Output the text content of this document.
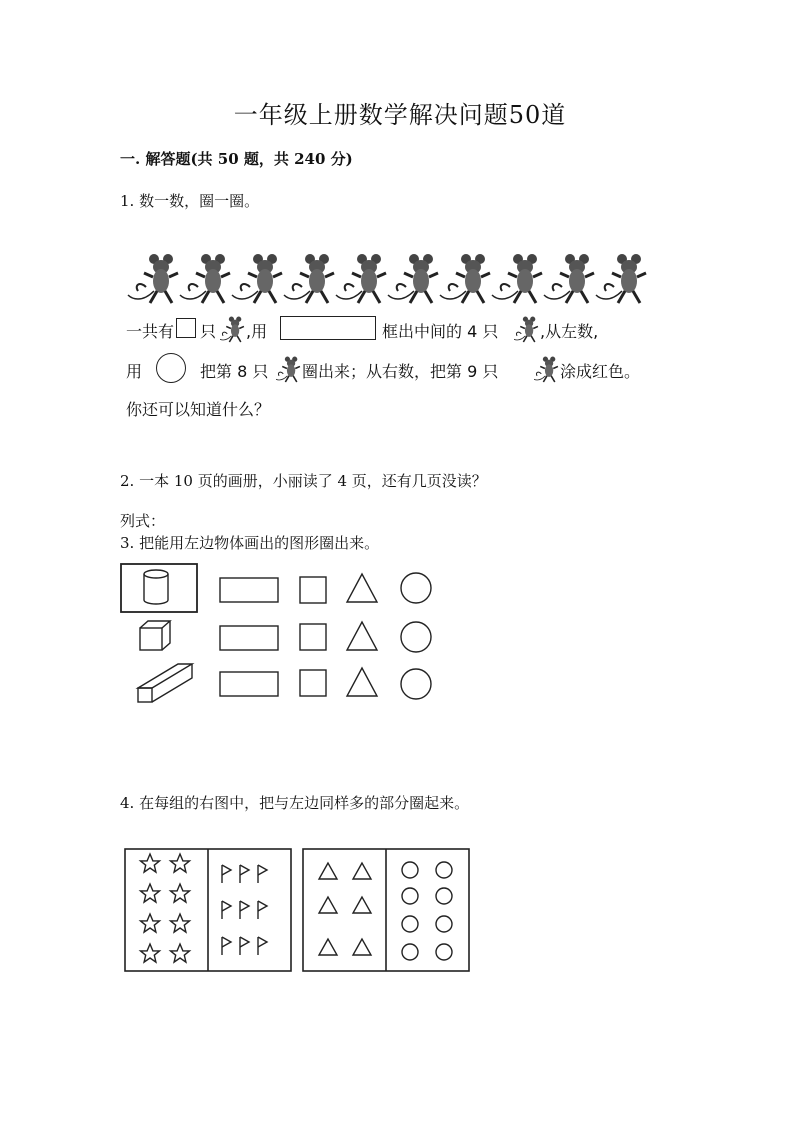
一年级上册数学解决问题50道
一. 解答题(共 50 题，共 240 分)
1. 数一数，圈一圈。
一共有 只 ,用	框出中间的 4 只	,从左数,
用	把第 8 只 圈出来；从右数，把第 9 只	涂成红色。
你还可以知道什么？
2. 一本 10 页的画册，小丽读了 4 页，还有几页没读？
列式：
3. 把能用左边物体画出的图形圈出来。
4. 在每组的右图中，把与左边同样多的部分圈起来。
